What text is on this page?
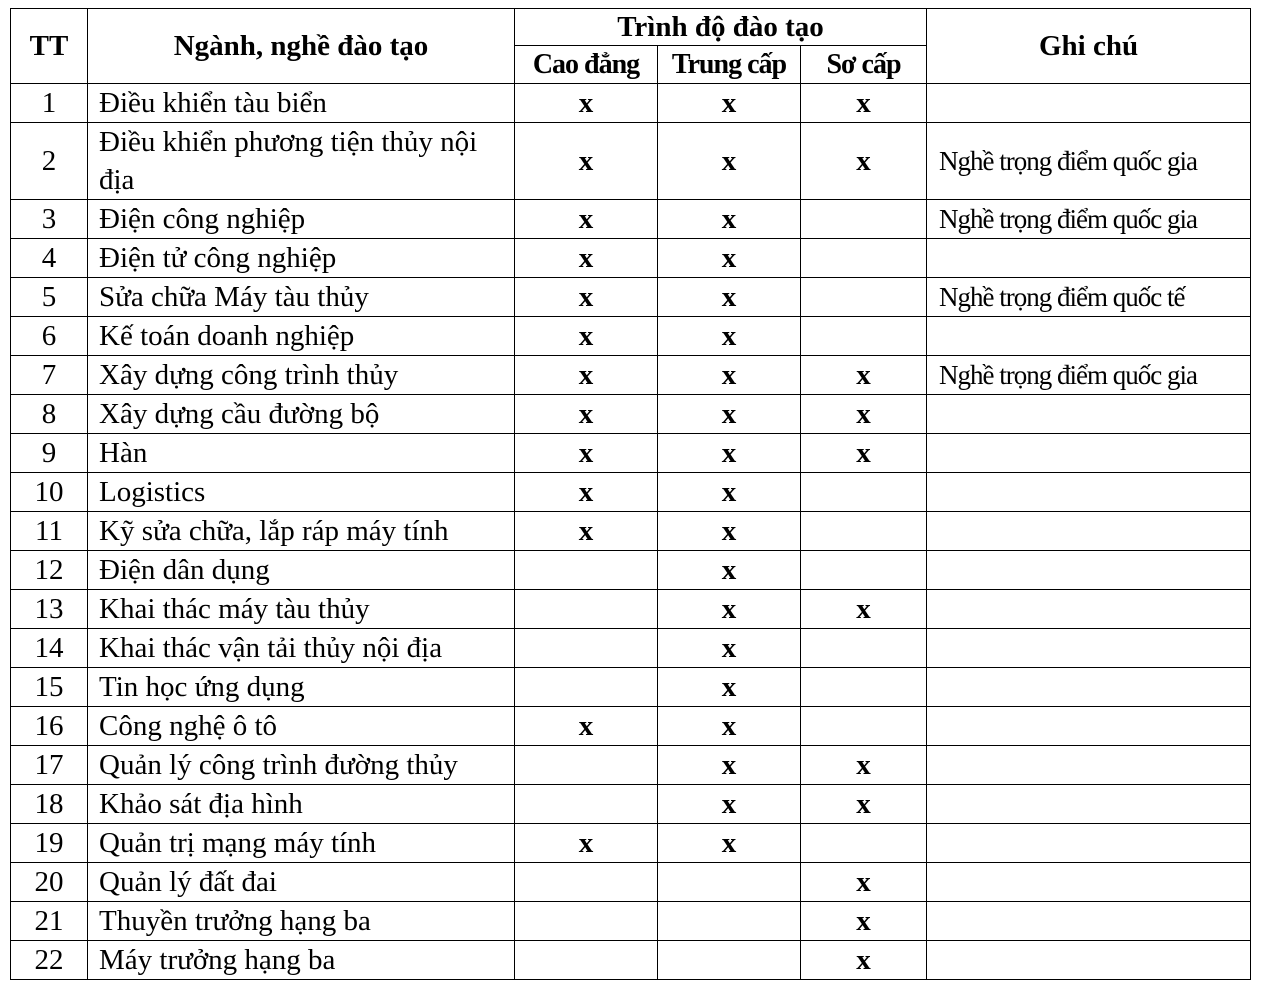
TT	Ngành, nghề đào tạo	Trình độ đào tạo			Ghi chú
		Cao đẳng	Trung cấp	Sơ cấp	
1	Điều khiển tàu biển	x	x	x	
2	Điều khiển phương tiện thủy nội địa	x	x	x	Nghề trọng điểm quốc gia
3	Điện công nghiệp	x	x		Nghề trọng điểm quốc gia
4	Điện tử công nghiệp	x	x		
5	Sửa chữa Máy tàu thủy	x	x		Nghề trọng điểm quốc tế
6	Kế toán doanh nghiệp	x	x		
7	Xây dựng công trình thủy	x	x	x	Nghề trọng điểm quốc gia
8	Xây dựng cầu đường bộ	x	x	x	
9	Hàn	x	x	x	
10	Logistics	x	x		
11	Kỹ sửa chữa, lắp ráp máy tính	x	x		
12	Điện dân dụng		x		
13	Khai thác máy tàu thủy		x	x	
14	Khai thác vận tải thủy nội địa		x		
15	Tin học ứng dụng		x		
16	Công nghệ ô tô	x	x		
17	Quản lý công trình đường thủy		x	x	
18	Khảo sát địa hình		x	x	
19	Quản trị mạng máy tính	x	x		
20	Quản lý đất đai			x	
21	Thuyền trưởng hạng ba			x	
22	Máy trưởng hạng ba			x	
